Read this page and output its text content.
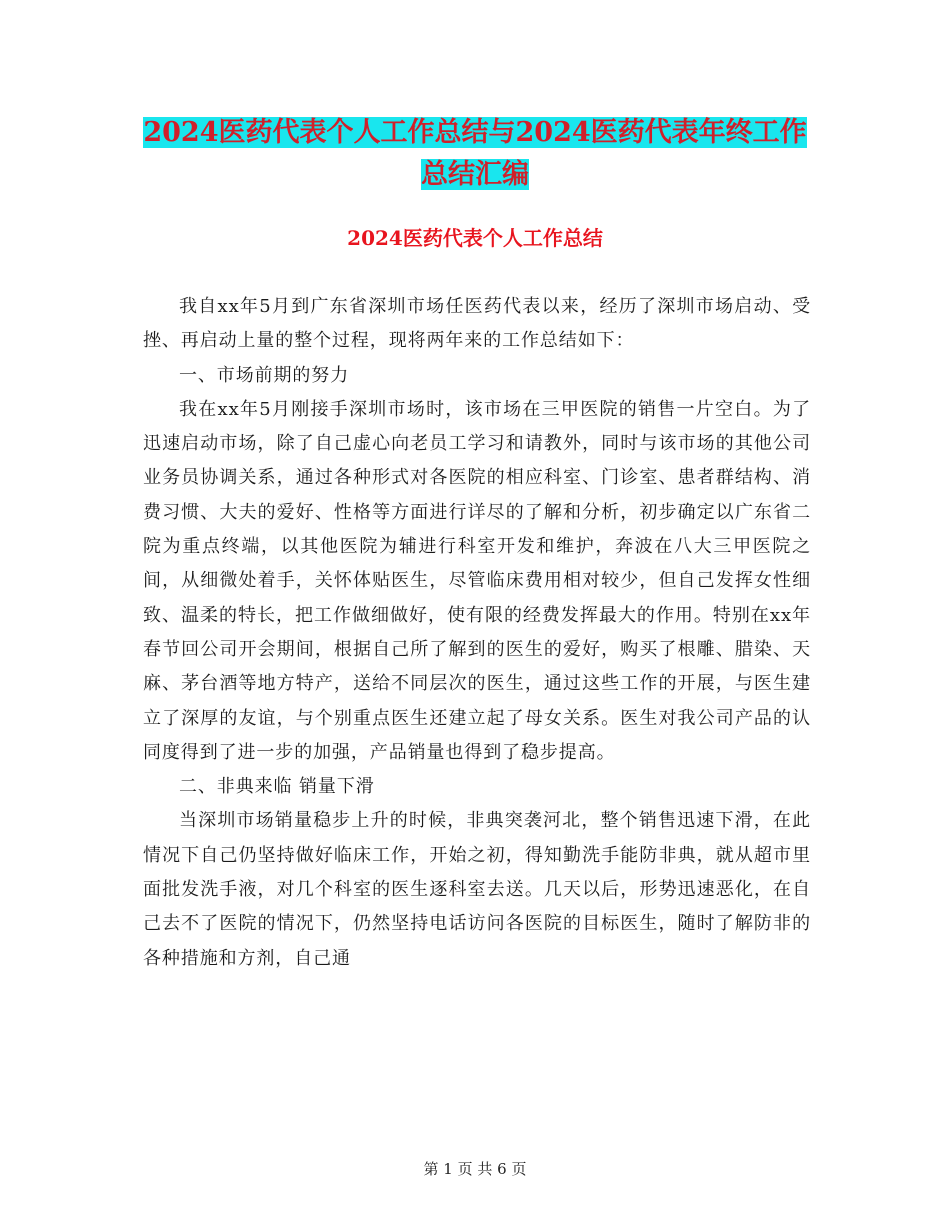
2024医药代表个人工作总结与2024医药代表年终工作
总结汇编
2024医药代表个人工作总结

我自xx年5月到广东省深圳市场任医药代表以来，经历了深圳市场启动、受挫、再启动上量的整个过程，现将两年来的工作总结如下：

一、市场前期的努力

我在xx年5月刚接手深圳市场时，该市场在三甲医院的销售一片空白。为了迅速启动市场，除了自己虚心向老员工学习和请教外，同时与该市场的其他公司业务员协调关系，通过各种形式对各医院的相应科室、门诊室、患者群结构、消费习惯、大夫的爱好、性格等方面进行详尽的了解和分析，初步确定以广东省二院为重点终端，以其他医院为辅进行科室开发和维护，奔波在八大三甲医院之间，从细微处着手，关怀体贴医生，尽管临床费用相对较少，但自己发挥女性细致、温柔的特长，把工作做细做好，使有限的经费发挥最大的作用。特别在xx年春节回公司开会期间，根据自己所了解到的医生的爱好，购买了根雕、腊染、天麻、茅台酒等地方特产，送给不同层次的医生，通过这些工作的开展，与医生建立了深厚的友谊，与个别重点医生还建立起了母女关系。医生对我公司产品的认同度得到了进一步的加强，产品销量也得到了稳步提高。

二、非典来临 销量下滑

当深圳市场销量稳步上升的时候，非典突袭河北，整个销售迅速下滑，在此情况下自己仍坚持做好临床工作，开始之初，得知勤洗手能防非典，就从超市里面批发洗手液，对几个科室的医生逐科室去送。几天以后，形势迅速恶化，在自己去不了医院的情况下，仍然坚持电话访问各医院的目标医生，随时了解防非的各种措施和方剂，自己通

第 1 页 共 6 页
